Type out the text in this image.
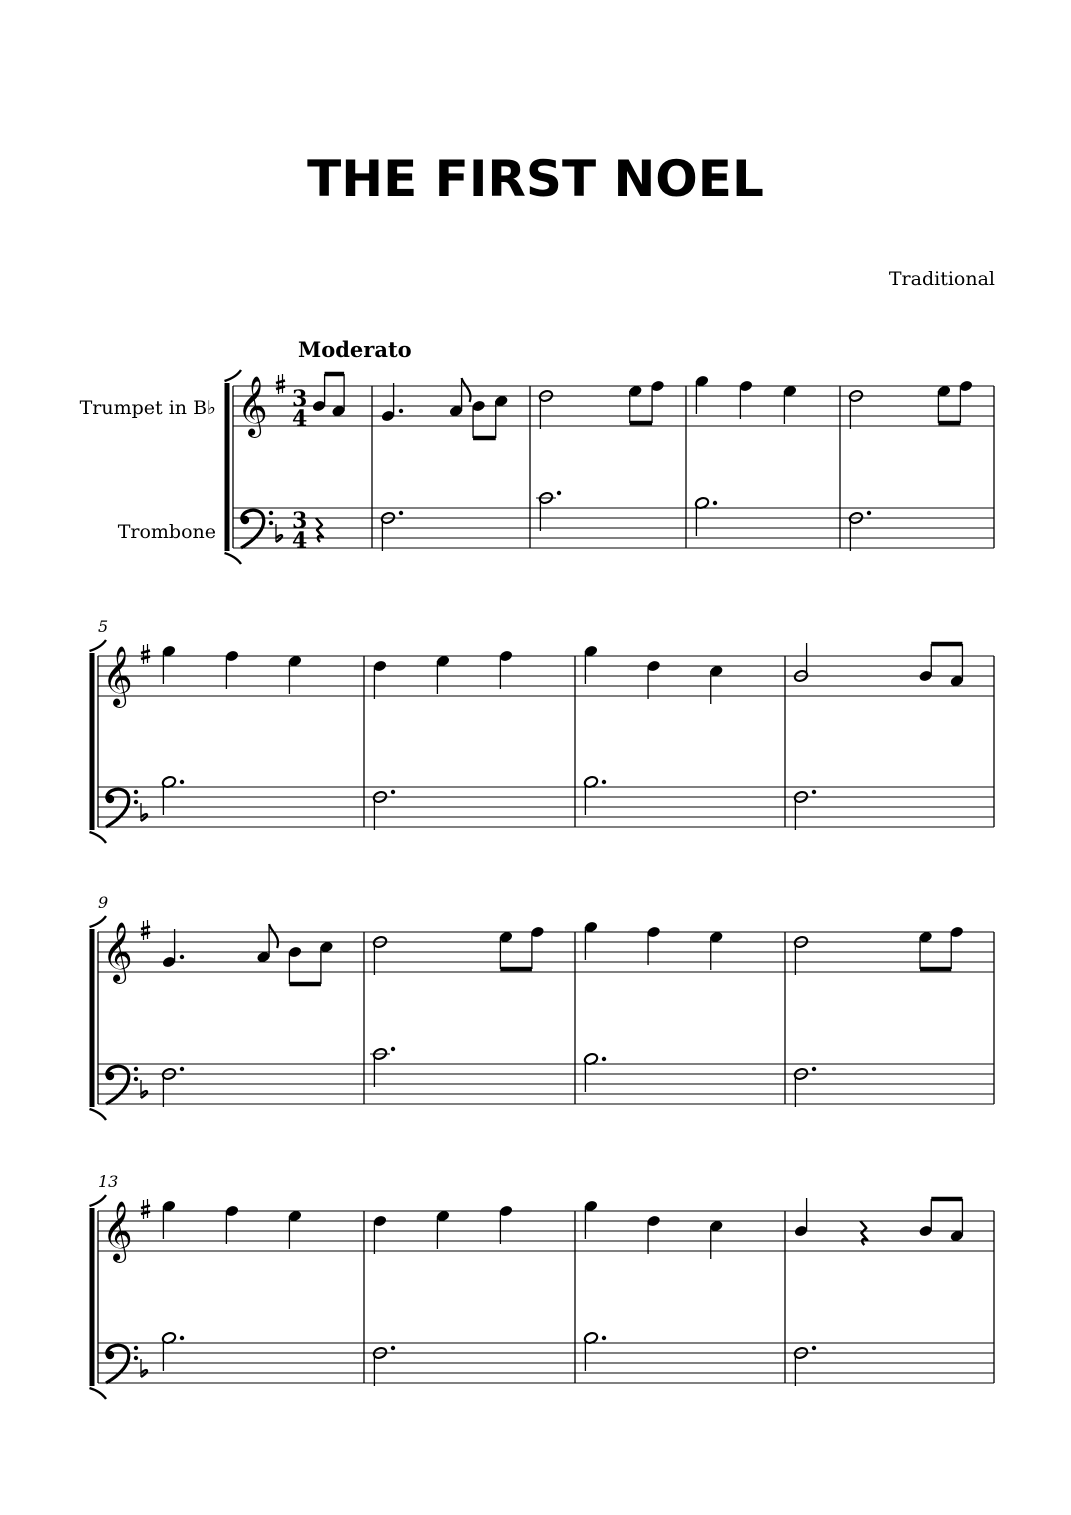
THE FIRST NOEL
Traditional
𝄞 3
4
3
4
𝄞
5
𝄞
9
𝄞
13
Trumpet in B♭
Trombone
Moderato
